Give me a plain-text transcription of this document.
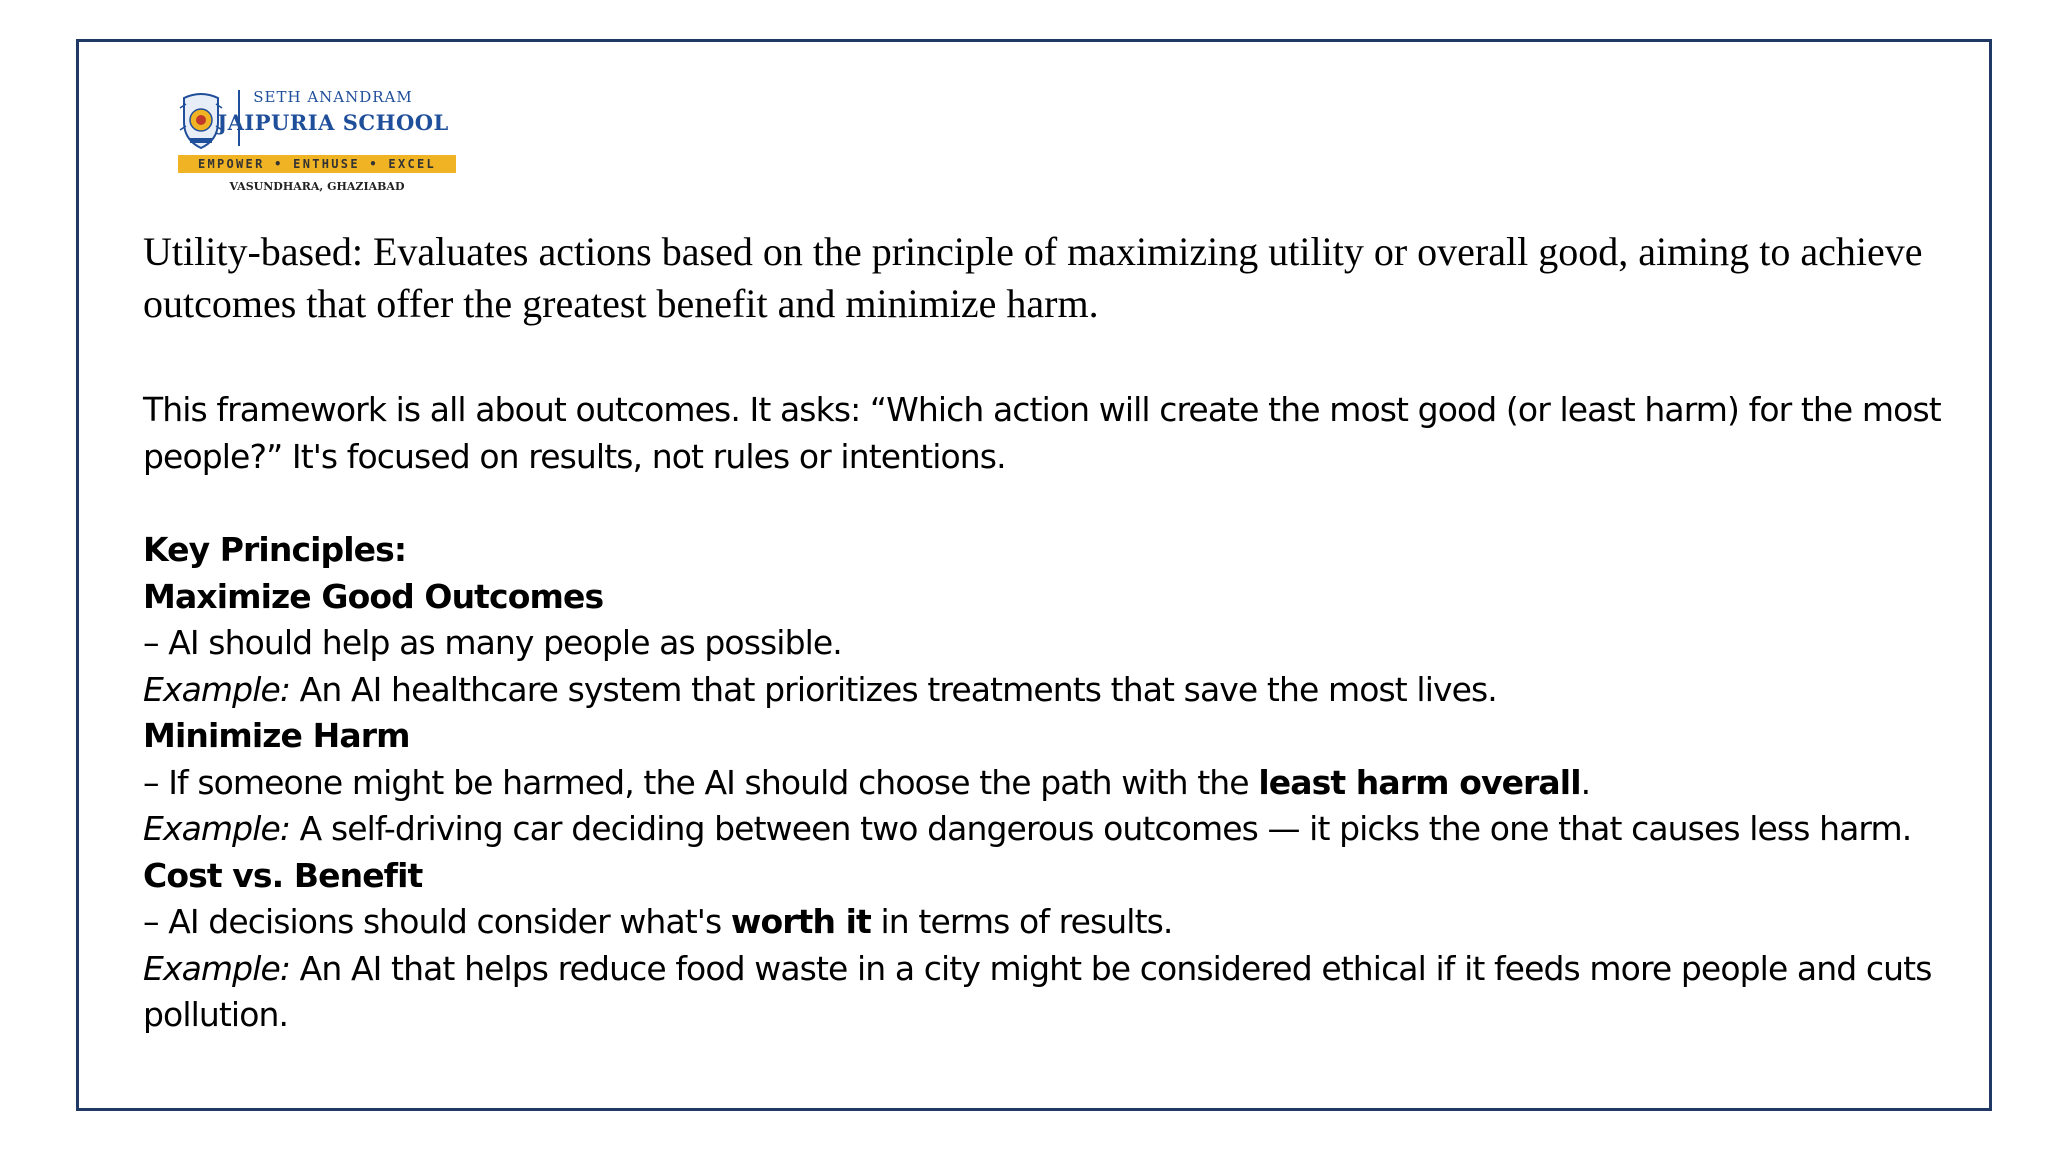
SETH ANANDRAM
JAIPURIA SCHOOL
EMPOWER • ENTHUSE • EXCEL
VASUNDHARA, GHAZIABAD

Utility-based: Evaluates actions based on the principle of maximizing utility or overall good, aiming to achieve outcomes that offer the greatest benefit and minimize harm.

This framework is all about outcomes. It asks: “Which action will create the most good (or least harm) for the most people?” It's focused on results, not rules or intentions.

Key Principles:

Maximize Good Outcomes

– AI should help as many people as possible.

Example: An AI healthcare system that prioritizes treatments that save the most lives.

Minimize Harm

– If someone might be harmed, the AI should choose the path with the least harm overall.

Example: A self-driving car deciding between two dangerous outcomes — it picks the one that causes less harm.

Cost vs. Benefit

– AI decisions should consider what's worth it in terms of results.

Example: An AI that helps reduce food waste in a city might be considered ethical if it feeds more people and cuts pollution.
